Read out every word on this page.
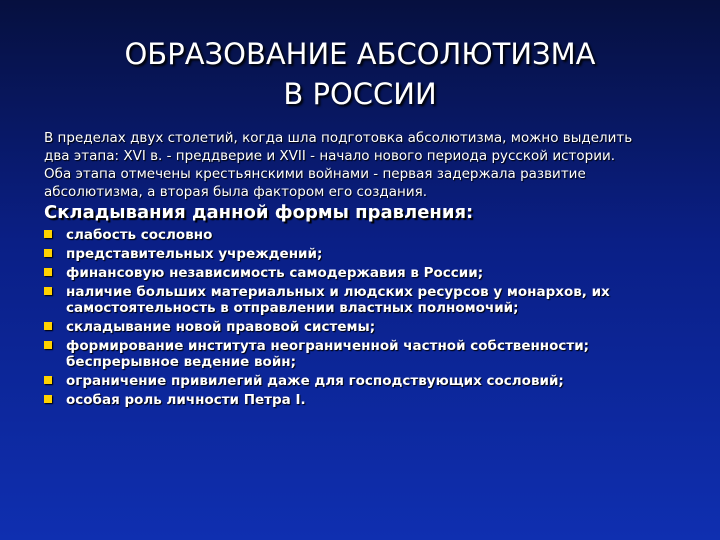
ОБРАЗОВАНИЕ АБСОЛЮТИЗМА
В РОССИИ
В пределах двух столетий, когда шла подготовка абсолютизма, можно выделить
два этапа: XVI в. - преддверие и XVII - начало нового периода русской истории.
Оба этапа отмечены крестьянскими войнами - первая задержала развитие
абсолютизма, а вторая была фактором его создания.
Складывания данной формы правления:
слабость сословно
представительных учреждений;
финансовую независимость самодержавия в России;
наличие больших материальных и людских ресурсов у монархов, их самостоятельность в отправлении властных полномочий;
складывание новой правовой системы;
формирование института неограниченной частной собственности; беспрерывное ведение войн;
ограничение привилегий даже для господствующих сословий;
особая роль личности Петра I.
